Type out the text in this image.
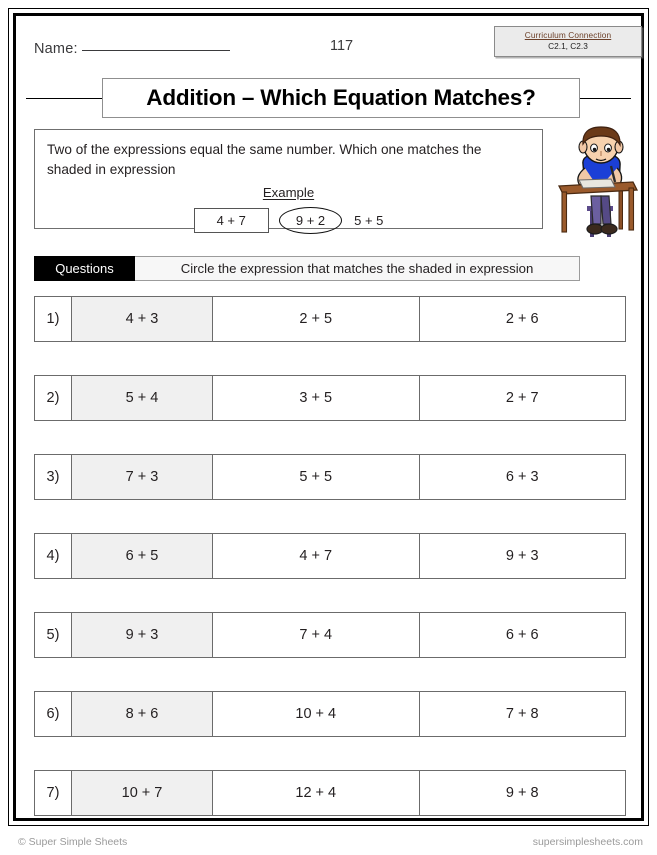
Name:	117
Curriculum Connection
C2.1, C2.3
Addition – Which Equation Matches?
Two of the expressions equal the same number. Which one matches the shaded in expression
Example
4 + 7	9 + 2	5 + 5
Questions	Circle the expression that matches the shaded in expression
1)	4 + 3	2 + 5	2 + 6
2)	5 + 4	3 + 5	2 + 7
3)	7 + 3	5 + 5	6 + 3
4)	6 + 5	4 + 7	9 + 3
5)	9 + 3	7 + 4	6 + 6
6)	8 + 6	10 + 4	7 + 8
7)	10 + 7	12 + 4	9 + 8
© Super Simple Sheets	supersimplesheets.com
